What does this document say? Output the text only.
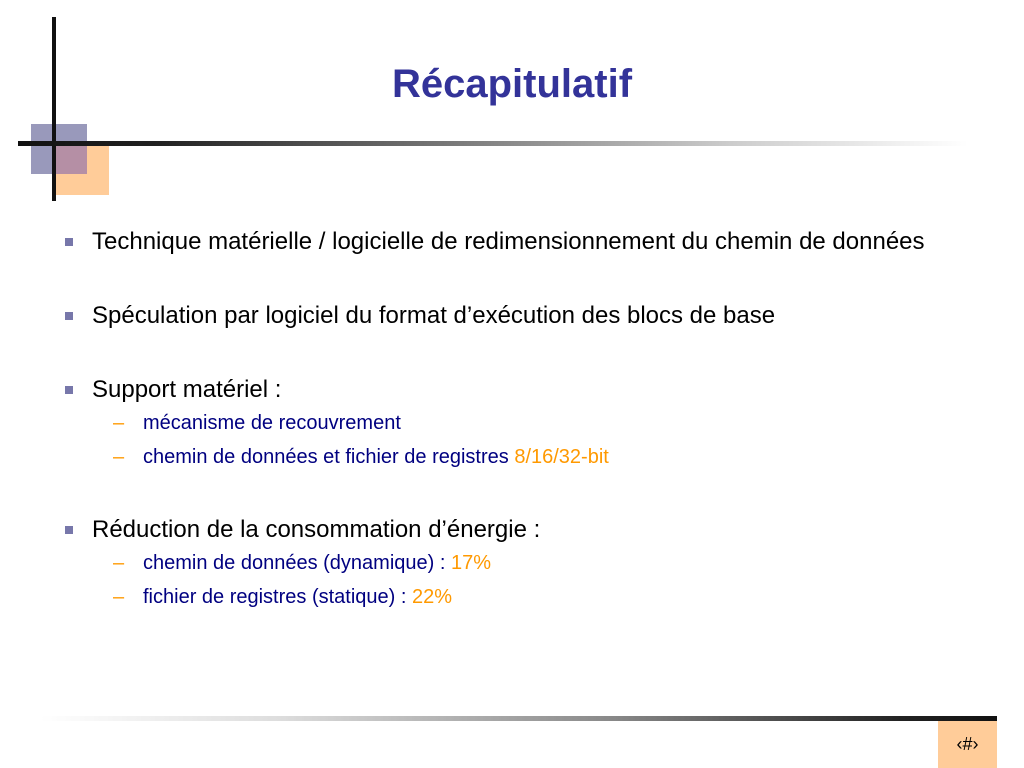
Récapitulatif
Technique matérielle / logicielle de redimensionnement du chemin de données
Spéculation par logiciel du format d’exécution des blocs de base
Support matériel :
– mécanisme de recouvrement
– chemin de données et fichier de registres 8/16/32-bit
Réduction de la consommation d’énergie :
– chemin de données (dynamique) : 17%
– fichier de registres (statique) : 22%
‹#›
